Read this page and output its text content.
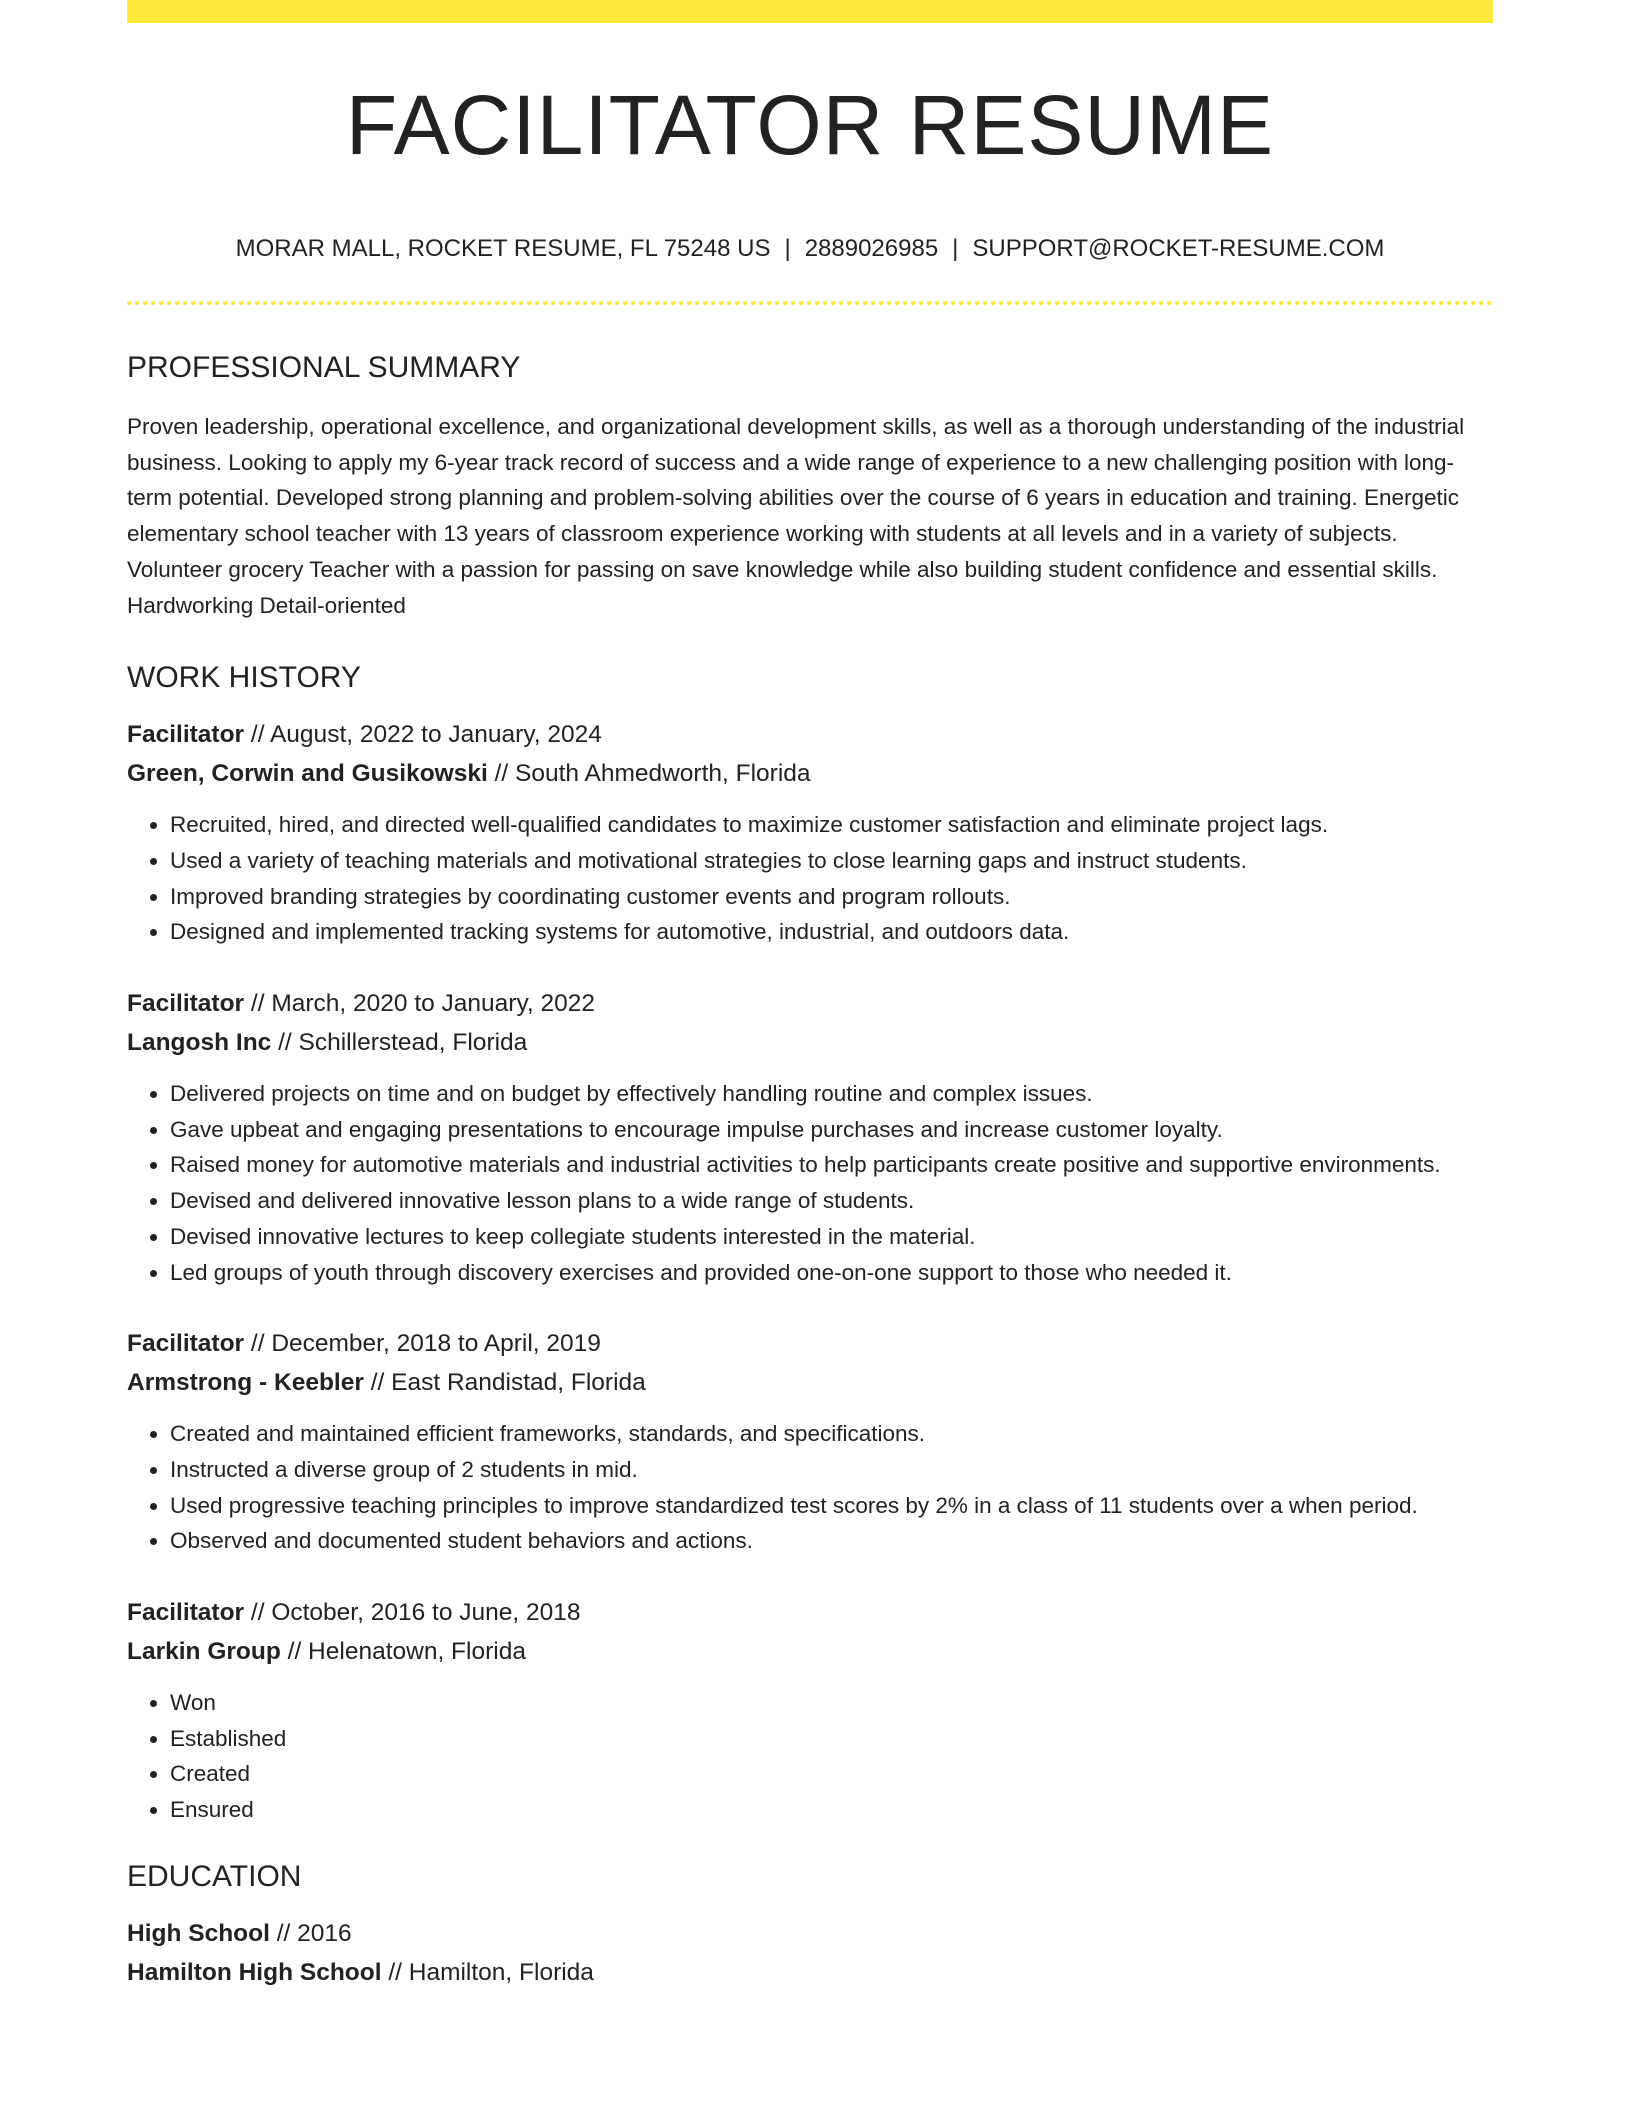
FACILITATOR RESUME
MORAR MALL, ROCKET RESUME, FL 75248 US | 2889026985 | SUPPORT@ROCKET-RESUME.COM
PROFESSIONAL SUMMARY
Proven leadership, operational excellence, and organizational development skills, as well as a thorough understanding of the industrial business. Looking to apply my 6-year track record of success and a wide range of experience to a new challenging position with long-term potential. Developed strong planning and problem-solving abilities over the course of 6 years in education and training. Energetic elementary school teacher with 13 years of classroom experience working with students at all levels and in a variety of subjects. Volunteer grocery Teacher with a passion for passing on save knowledge while also building student confidence and essential skills. Hardworking Detail-oriented
WORK HISTORY
Facilitator // August, 2022 to January, 2024
Green, Corwin and Gusikowski // South Ahmedworth, Florida
• Recruited, hired, and directed well-qualified candidates to maximize customer satisfaction and eliminate project lags.
• Used a variety of teaching materials and motivational strategies to close learning gaps and instruct students.
• Improved branding strategies by coordinating customer events and program rollouts.
• Designed and implemented tracking systems for automotive, industrial, and outdoors data.
Facilitator // March, 2020 to January, 2022
Langosh Inc // Schillerstead, Florida
• Delivered projects on time and on budget by effectively handling routine and complex issues.
• Gave upbeat and engaging presentations to encourage impulse purchases and increase customer loyalty.
• Raised money for automotive materials and industrial activities to help participants create positive and supportive environments.
• Devised and delivered innovative lesson plans to a wide range of students.
• Devised innovative lectures to keep collegiate students interested in the material.
• Led groups of youth through discovery exercises and provided one-on-one support to those who needed it.
Facilitator // December, 2018 to April, 2019
Armstrong - Keebler // East Randistad, Florida
• Created and maintained efficient frameworks, standards, and specifications.
• Instructed a diverse group of 2 students in mid.
• Used progressive teaching principles to improve standardized test scores by 2% in a class of 11 students over a when period.
• Observed and documented student behaviors and actions.
Facilitator // October, 2016 to June, 2018
Larkin Group // Helenatown, Florida
• Won
• Established
• Created
• Ensured
EDUCATION
High School // 2016
Hamilton High School // Hamilton, Florida
